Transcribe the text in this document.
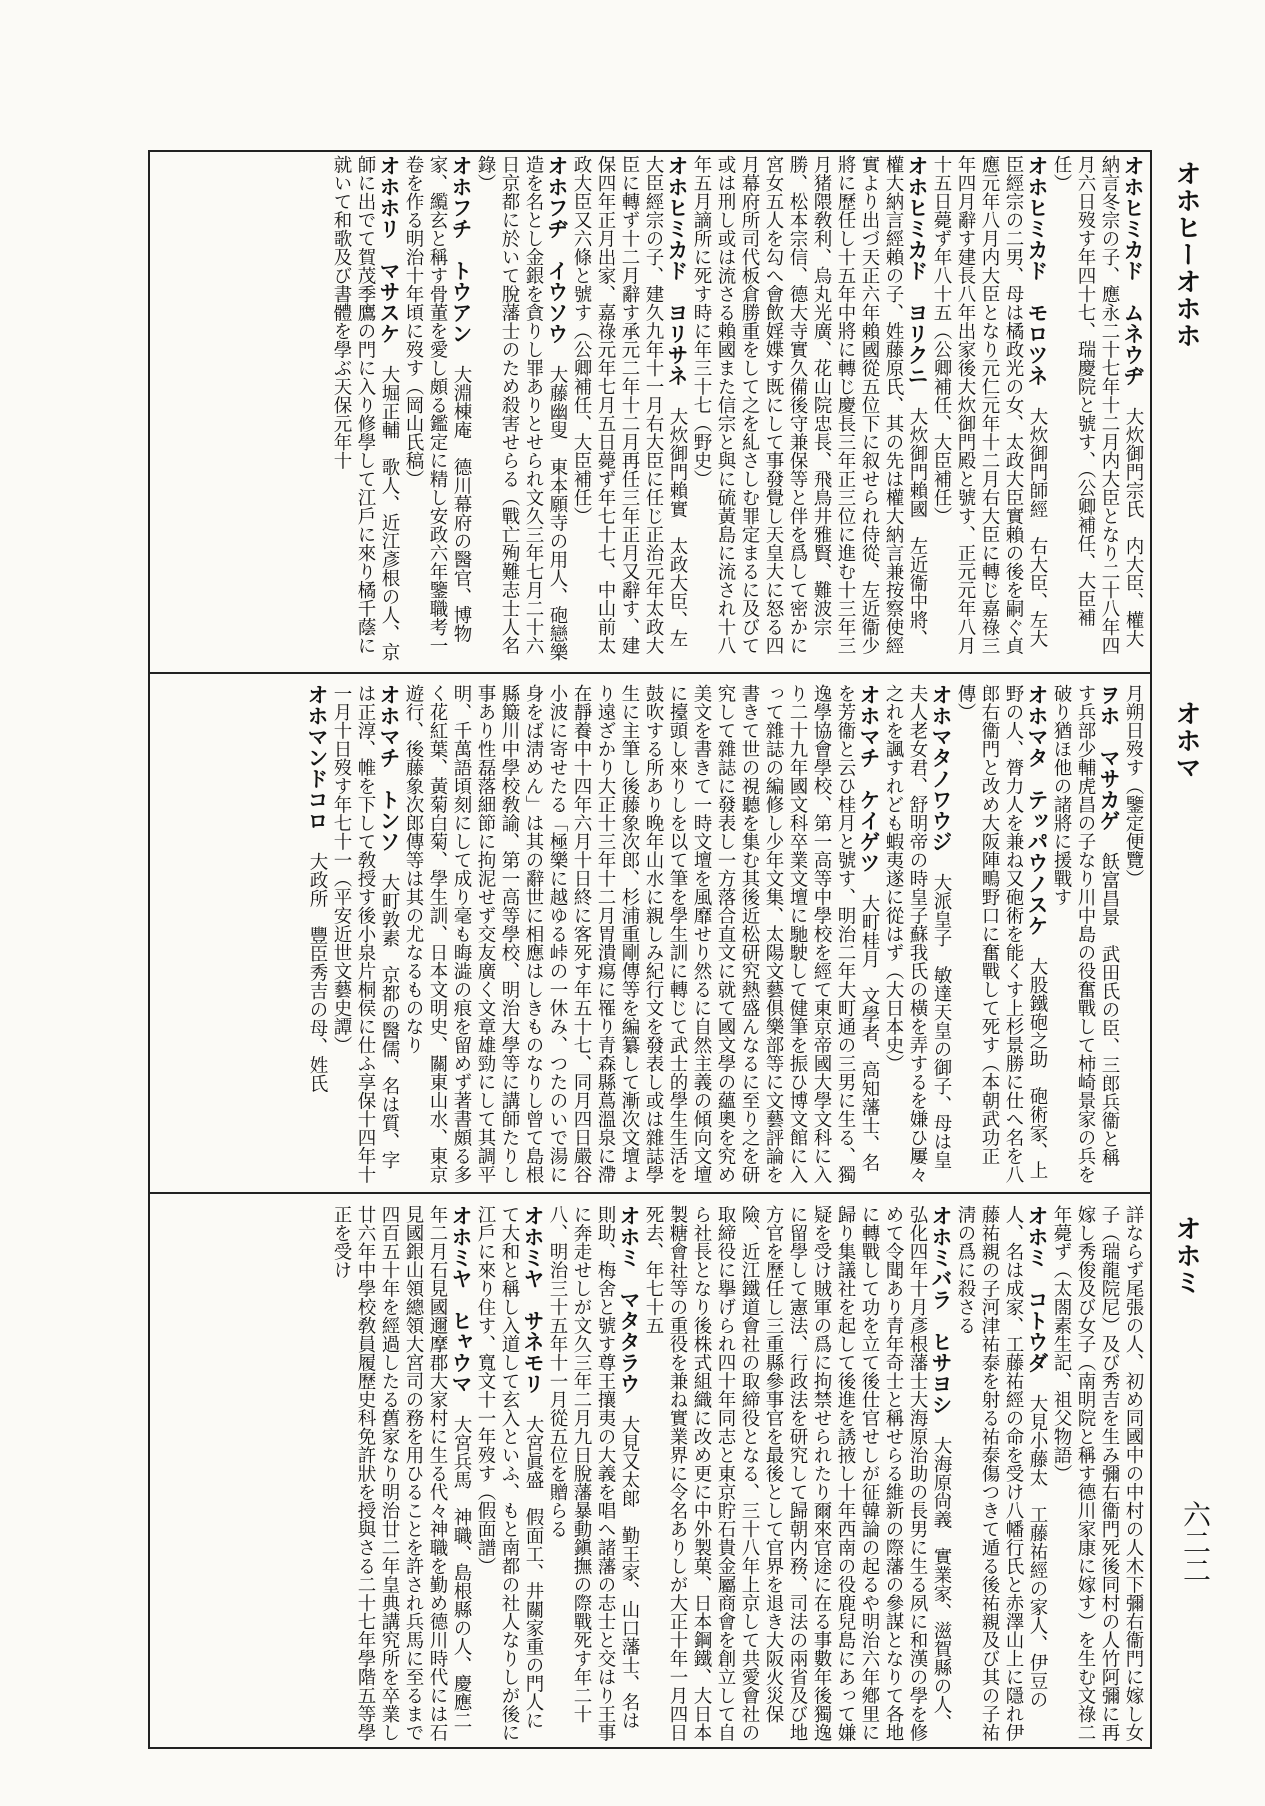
オホヒーオホホ
オホマ
オホミ
六二二
オホヒミカド　ムネウヂ　大炊御門宗氏　内大臣、權大納言冬宗の子、應永二十七年十二月内大臣となり二十八年四月六日歿す年四十七、瑞慶院と號す、（公卿補任、大臣補任）
オホヒミカド　モロツネ　大炊御門師經　右大臣、左大臣經宗の二男、母は橘政光の女、太政大臣實賴の後を嗣ぐ貞應元年八月内大臣となり元仁元年十二月右大臣に轉じ嘉祿三年四月辭す建長八年出家後大炊御門殿と號す、正元元年八月十五日薨ず年八十五（公卿補任、大臣補任）
オホヒミカド　ヨリクニ　大炊御門賴國　左近衞中將、權大納言經賴の子、姓藤原氏、其の先は權大納言兼按察使經實より出づ天正六年賴國從五位下に叙せられ侍從、左近衞少將に歷任し十五年中將に轉じ慶長三年正三位に進む十三年三月猪隈敎利、烏丸光廣、花山院忠長、飛鳥井雅賢、難波宗勝、松本宗信、德大寺實久備後守兼保等と伴を爲して密かに宮女五人を勾へ會飲婬媟す既にして事發覺し天皇大に怒る四月幕府所司代板倉勝重をして之を糺さしむ罪定まるに及びて或は刑し或は流さる賴國また信宗と與に硫黃島に流され十八年五月謫所に死す時に年三十七（野史）
オホヒミカド　ヨリサネ　大炊御門賴實　太政大臣、左大臣經宗の子、建久九年十一月右大臣に任じ正治元年太政大臣に轉ず十二月辭す承元二年十二月再任三年正月又辭す、建保四年正月出家、嘉祿元年七月五日薨ず年七十七、中山前太政大臣又六條と號す（公卿補任、大臣補任）
オホフヂ　イウソウ　大藤幽叟　東本願寺の用人、砲戀樂造を名とし金銀を貪りし罪ありとせられ文久三年七月二十六日京都に於いて脫藩士のため殺害せらる（戰亡殉難志士人名錄）
オホフチ　トウアン　大淵棟庵　德川幕府の醫官、博物家、䌫玄と稱す骨董を愛し頗る鑑定に精し安政六年鑒職考一卷を作る明治十年頃に歿す（岡山氏稿）
オホホリ　マサスケ　大堀正輔　歌人、近江彥根の人、京師に出でて賀茂季鷹の門に入り修學して江戶に來り橘千蔭に就いて和歌及び書體を學ぶ天保元年十

月朔日歿す（鑒定便覽）
ヲホ　マサカゲ　飫富昌景　武田氏の臣、三郎兵衞と稱す兵部少輔虎昌の子なり川中島の役奮戰して柿崎景家の兵を破り猶ほ他の諸將に援戰す
オホマタ　テッパウノスケ　大股鐵砲之助　砲術家、上野の人、膂力人を兼ね又砲術を能くす上杉景勝に仕へ名を八郎右衞門と改め大阪陣鴫野口に奮戰して死す（本朝武功正傳）
オホマタノワウジ　大派皇子　敏達天皇の御子、母は皇夫人老女君、舒明帝の時皇子蘇我氏の橫を弄するを嫌ひ屢々之れを諷すれども蝦夷遂に從はず（大日本史）
オホマチ　ケイゲツ　大町桂月　文學者、高知藩士、名を芳衞と云ひ桂月と號す、明治二年大町通の三男に生る、獨逸學協會學校、第一高等中學校を經て東京帝國大學文科に入り二十九年國文科卒業文壇に馳駛して健筆を振ひ博文館に入って雜誌の編修し少年文集、太陽文藝俱樂部等に文藝評論を書きて世の視聽を集む其後近松研究熱盛んなるに至り之を研究して雜誌に發表し一方落合直文に就て國文學の蘊奧を究め美文を書きて一時文壇を風靡せり然るに自然主義の傾向文壇に擡頭し來りしを以て筆を學生訓に轉じて武士的學生生活を鼓吹する所あり晚年山水に親しみ紀行文を發表し或は雜誌學生に主筆し後藤象次郎、杉浦重剛傳等を編纂して漸次文壇より遠ざかり大正十三年十二月胃潰瘍に罹り青森縣蔦溫泉に滯在靜養中十四年六月十日終に客死す年五十七、同月四日嚴谷小波に寄せたる「極樂に越ゆる峠の一休み、つたのいで湯に身をば淸めん」は其の辭世に相應はしきものなりし曾て島根縣簸川中學校敎諭、第一高等學校、明治大學等に講師たりし事あり性磊落細節に拘泥せず交友廣く文章雄勁にして其調平明、千萬語頃刻にして成り毫も晦澁の痕を留めず著書頗る多く花紅葉、黃菊白菊、學生訓、日本文明史、關東山水、東京遊行、後藤象次郎傳等は其の尤なるものなり
オホマチ　トンソ　大町敦素　京都の醫儒、名は質、字は正淳、帷を下して敎授す後小泉片桐侯に仕ふ享保十四年十一月十日歿す年七十一（平安近世文藝史譚）
オホマンドコロ　大政所　豐臣秀吉の母、姓氏

詳ならず尾張の人、初め同國中の中村の人木下彌右衞門に嫁し女子（瑞龍院尼）及び秀吉を生み彌右衞門死後同村の人竹阿彌に再嫁し秀俊及び女子（南明院と稱す德川家康に嫁す）を生む文祿二年薨ず（太閤素生記、祖父物語）
オホミ　コトウダ　大見小藤太　工藤祐經の家人、伊豆の人、名は成家、工藤祐經の命を受け八幡行氏と赤澤山上に隱れ伊藤祐親の子河津祐泰を射る祐泰傷つきて遁る後祐親及び其の子祐淸の爲に殺さる
オホミバラ　ヒサヨシ　大海原尙義　實業家、滋賀縣の人、弘化四年十月彥根藩士大海原治助の長男に生る夙に和漢の學を修めて令聞あり青年奇士と稱せらる維新の際藩の參謀となりて各地に轉戰して功を立て後仕官せしが征韓論の起るや明治六年鄕里に歸り集議社を起して後進を誘掖し十年西南の役鹿兒島にあって嫌疑を受け賊軍の爲に拘禁せられたり爾來官途に在る事數年後獨逸に留學して憲法、行政法を研究して歸朝内務、司法の兩省及び地方官を歷任し三重縣參事官を最後として官界を退き大阪火災保險、近江鐵道會社の取締役となる、三十八年上京して共愛會社の取締役に擧げられ四十年同志と東京貯石貴金屬商會を創立して自ら社長となり後株式組織に改め更に中外製菓、日本鋼鐵、大日本製糖會社等の重役を兼ね實業界に令名ありしが大正十年一月四日死去、年七十五
オホミ　マタタラウ　大見又太郞　勤王家、山口藩士、名は則助、梅舍と號す尊王攘夷の大義を唱へ諸藩の志士と交はり王事に奔走せしが文久三年二月九日脫藩暴動鎭撫の際戰死す年二十八、明治三十五年十一月從五位を贈らる
オホミヤ　サネモリ　大宮眞盛　假面工、井關家重の門人にて大和と稱し入道して玄入といふ、もと南都の社人なりしが後に江戶に來り住す、寬文十一年歿す（假面譜）
オホミヤ　ヒャウマ　大宮兵馬　神職、島根縣の人、慶應二年二月石見國邇摩郡大家村に生る代々神職を勤め德川時代には石見國銀山領總領大宮司の務を用ひることを許され兵馬に至るまで四百五十年を經過したる舊家なり明治廿二年皇典講究所を卒業し廿六年中學校敎員履歷史科免許狀を授與さる二十七年學階五等學正を受け
